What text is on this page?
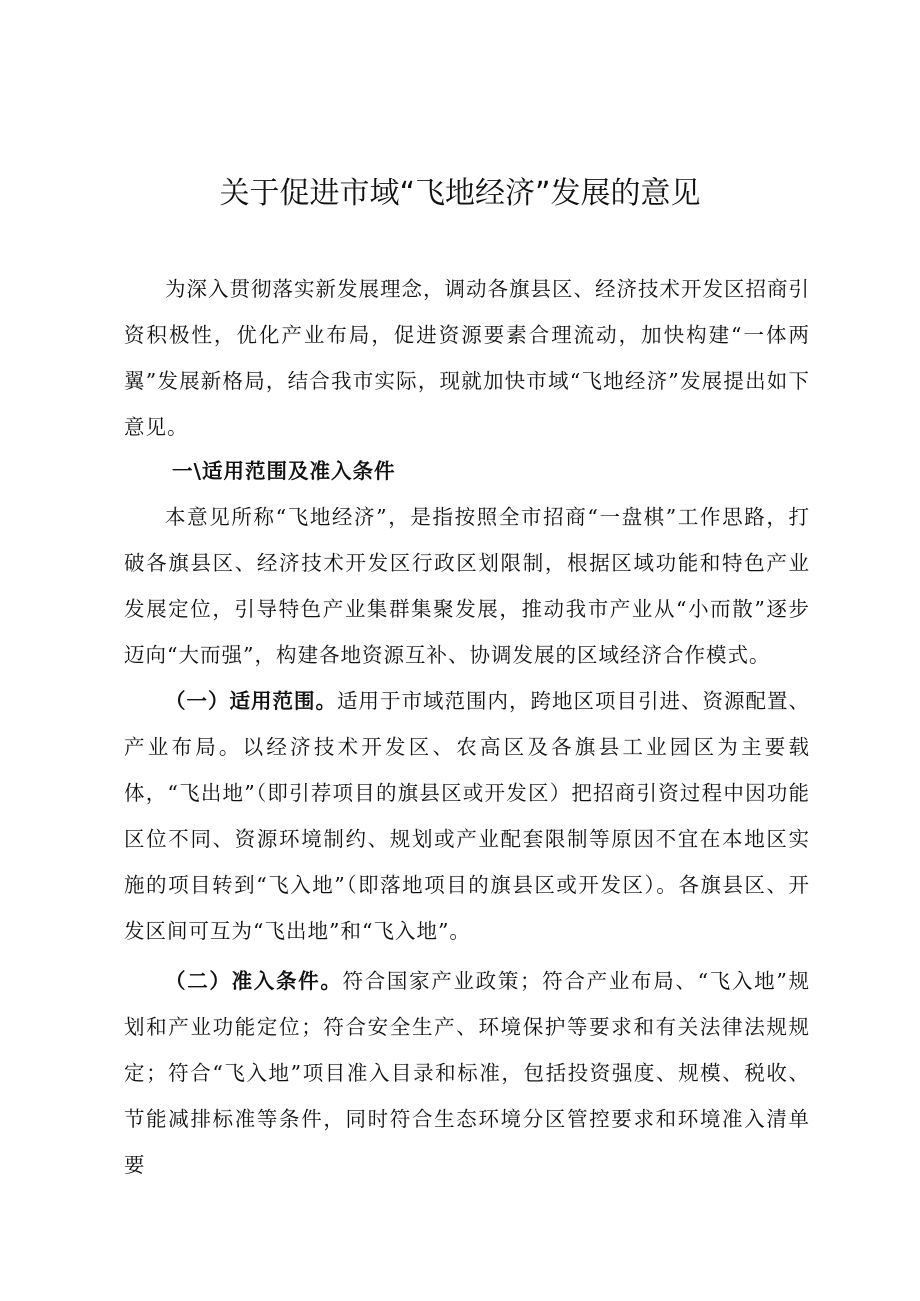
关于促进市域“飞地经济”发展的意见

为深入贯彻落实新发展理念，调动各旗县区、经济技术开发区招商引资积极性，优化产业布局，促进资源要素合理流动，加快构建“一体两翼”发展新格局，结合我市实际，现就加快市域“飞地经济”发展提出如下意见。

一\适用范围及准入条件

本意见所称“飞地经济”，是指按照全市招商“一盘棋”工作思路，打破各旗县区、经济技术开发区行政区划限制，根据区域功能和特色产业发展定位，引导特色产业集群集聚发展，推动我市产业从“小而散”逐步迈向“大而强”，构建各地资源互补、协调发展的区域经济合作模式。

（一）适用范围。适用于市域范围内，跨地区项目引进、资源配置、产业布局。以经济技术开发区、农高区及各旗县工业园区为主要载体，“飞出地”（即引荐项目的旗县区或开发区）把招商引资过程中因功能区位不同、资源环境制约、规划或产业配套限制等原因不宜在本地区实施的项目转到“飞入地”（即落地项目的旗县区或开发区）。各旗县区、开发区间可互为“飞出地”和“飞入地”。

（二）准入条件。符合国家产业政策；符合产业布局、“飞入地”规划和产业功能定位；符合安全生产、环境保护等要求和有关法律法规规定；符合“飞入地”项目准入目录和标准，包括投资强度、规模、税收、节能减排标准等条件，同时符合生态环境分区管控要求和环境准入清单要
